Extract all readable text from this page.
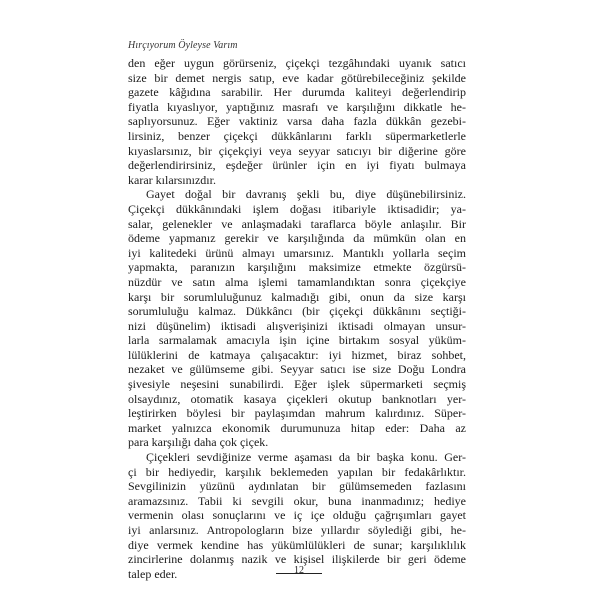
Hırçıyorum Öyleyse Varım
den eğer uygun görürseniz, çiçekçi tezgâhındaki uyanık satıcı
size bir demet nergis satıp, eve kadar götürebileceğiniz şekilde
gazete kâğıdına sarabilir. Her durumda kaliteyi değerlendirip
fiyatla kıyaslıyor, yaptığınız masrafı ve karşılığını dikkatle he-
saplıyorsunuz. Eğer vaktiniz varsa daha fazla dükkân gezebi-
lirsiniz, benzer çiçekçi dükkânlarını farklı süpermarketlerle
kıyaslarsınız, bir çiçekçiyi veya seyyar satıcıyı bir diğerine göre
değerlendirirsiniz, eşdeğer ürünler için en iyi fiyatı bulmaya
karar kılarsınızdır.
Gayet doğal bir davranış şekli bu, diye düşünebilirsiniz.
Çiçekçi dükkânındaki işlem doğası itibariyle iktisadidir; ya-
salar, gelenekler ve anlaşmadaki taraflarca böyle anlaşılır. Bir
ödeme yapmanız gerekir ve karşılığında da mümkün olan en
iyi kalitedeki ürünü almayı umarsınız. Mantıklı yollarla seçim
yapmakta, paranızın karşılığını maksimize etmekte özgürsü-
nüzdür ve satın alma işlemi tamamlandıktan sonra çiçekçiye
karşı bir sorumluluğunuz kalmadığı gibi, onun da size karşı
sorumluluğu kalmaz. Dükkâncı (bir çiçekçi dükkânını seçtiği-
nizi düşünelim) iktisadi alışverişinizi iktisadi olmayan unsur-
larla sarmalamak amacıyla işin içine birtakım sosyal yüküm-
lülüklerini de katmaya çalışacaktır: iyi hizmet, biraz sohbet,
nezaket ve gülümseme gibi. Seyyar satıcı ise size Doğu Londra
şivesiyle neşesini sunabilirdi. Eğer işlek süpermarketi seçmiş
olsaydınız, otomatik kasaya çiçekleri okutup banknotları yer-
leştirirken böylesi bir paylaşımdan mahrum kalırdınız. Süper-
market yalnızca ekonomik durumunuza hitap eder: Daha az
para karşılığı daha çok çiçek.
Çiçekleri sevdiğinize verme aşaması da bir başka konu. Ger-
çi bir hediyedir, karşılık beklemeden yapılan bir fedakârlıktır.
Sevgilinizin yüzünü aydınlatan bir gülümsemeden fazlasını
aramazsınız. Tabii ki sevgili okur, buna inanmadınız; hediye
vermenin olası sonuçlarını ve iç içe olduğu çağrışımları gayet
iyi anlarsınız. Antropologların bize yıllardır söylediği gibi, he-
diye vermek kendine has yükümlülükleri de sunar; karşılıklılık
zincirlerine dolanmış nazik ve kişisel ilişkilerde bir geri ödeme
talep eder.	12
